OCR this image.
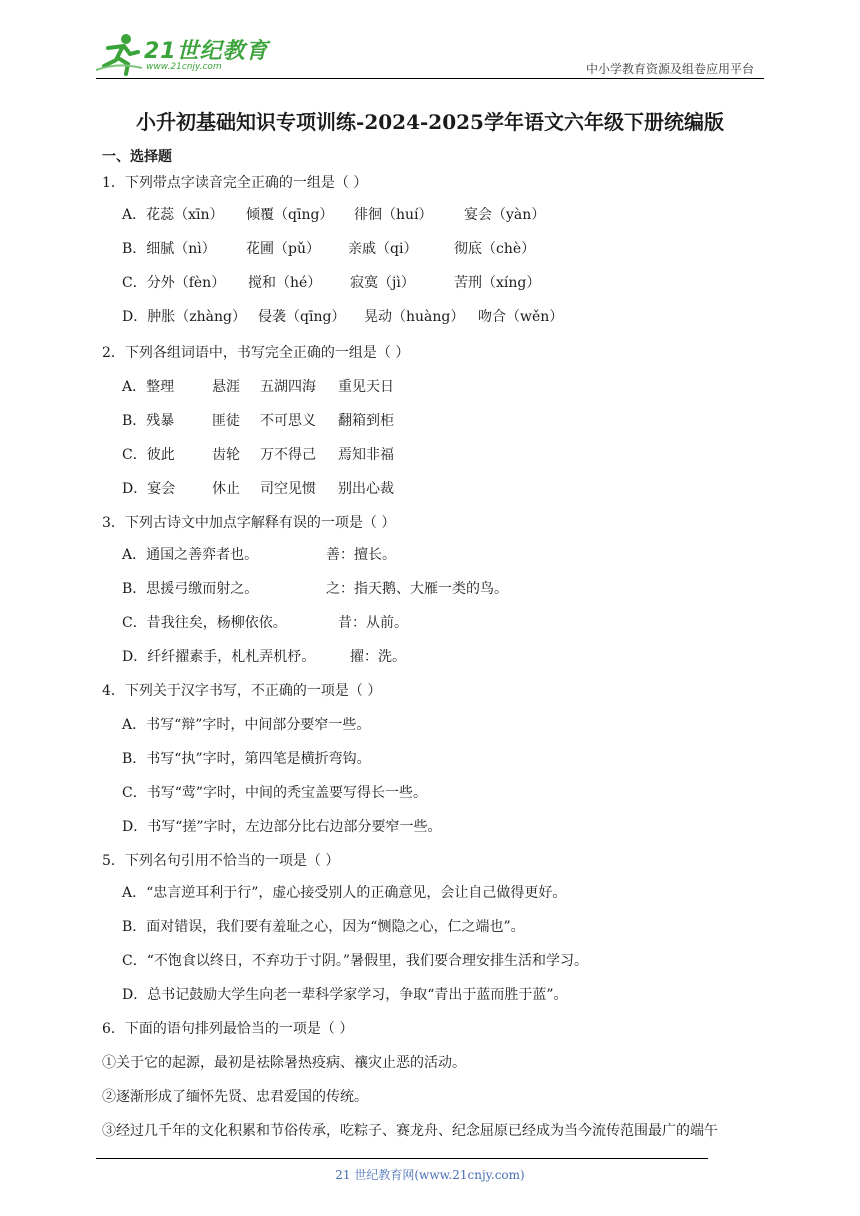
21世纪教育
www.21cnjy.com	中小学教育资源及组卷应用平台
小升初基础知识专项训练-2024-2025学年语文六年级下册统编版
一、选择题
1．下列带点字读音完全正确的一组是（ ）
A．花蕊（xīn） 倾覆（qīng） 徘徊（huí） 宴会（yàn）
B．细腻（nì） 花圃（pǔ） 亲戚（qi）	彻底（chè）
C．分外（fèn） 搅和（hé） 寂寞（jì）	苦刑（xíng）
D．肿胀（zhàng） 侵袭（qīng） 晃动（huàng） 吻合（wěn）
2．下列各组词语中，书写完全正确的一组是（ ）
A．整理	悬涯 五湖四海 重见天日
B．残暴	匪徒 不可思义 翻箱到柜
C．彼此	齿轮 万不得己 焉知非福
D．宴会	休止 司空见惯 别出心裁
3．下列古诗文中加点字解释有误的一项是（ ）
A．通国之善弈者也。	善：擅长。
B．思援弓缴而射之。	之：指天鹅、大雁一类的鸟。
C．昔我往矣，杨柳依依。	昔：从前。
D．纤纤擢素手，札札弄机杼。 擢：洗。
4．下列关于汉字书写，不正确的一项是（ ）
A．书写“辩”字时，中间部分要窄一些。
B．书写“执”字时，第四笔是横折弯钩。
C．书写“莺”字时，中间的秃宝盖要写得长一些。
D．书写“搓”字时，左边部分比右边部分要窄一些。
5．下列名句引用不恰当的一项是（ ）
A．“忠言逆耳利于行”，虚心接受别人的正确意见，会让自己做得更好。
B．面对错误，我们要有羞耻之心，因为“恻隐之心，仁之端也”。
C．“不饱食以终日，不弃功于寸阴。”暑假里，我们要合理安排生活和学习。
D．总书记鼓励大学生向老一辈科学家学习，争取“青出于蓝而胜于蓝”。
6．下面的语句排列最恰当的一项是（ ）
①关于它的起源，最初是祛除暑热疫病、禳灾止恶的活动。
②逐渐形成了缅怀先贤、忠君爱国的传统。
③经过几千年的文化积累和节俗传承，吃粽子、赛龙舟、纪念屈原已经成为当今流传范围最广的端午
21 世纪教育网(www.21cnjy.com)
